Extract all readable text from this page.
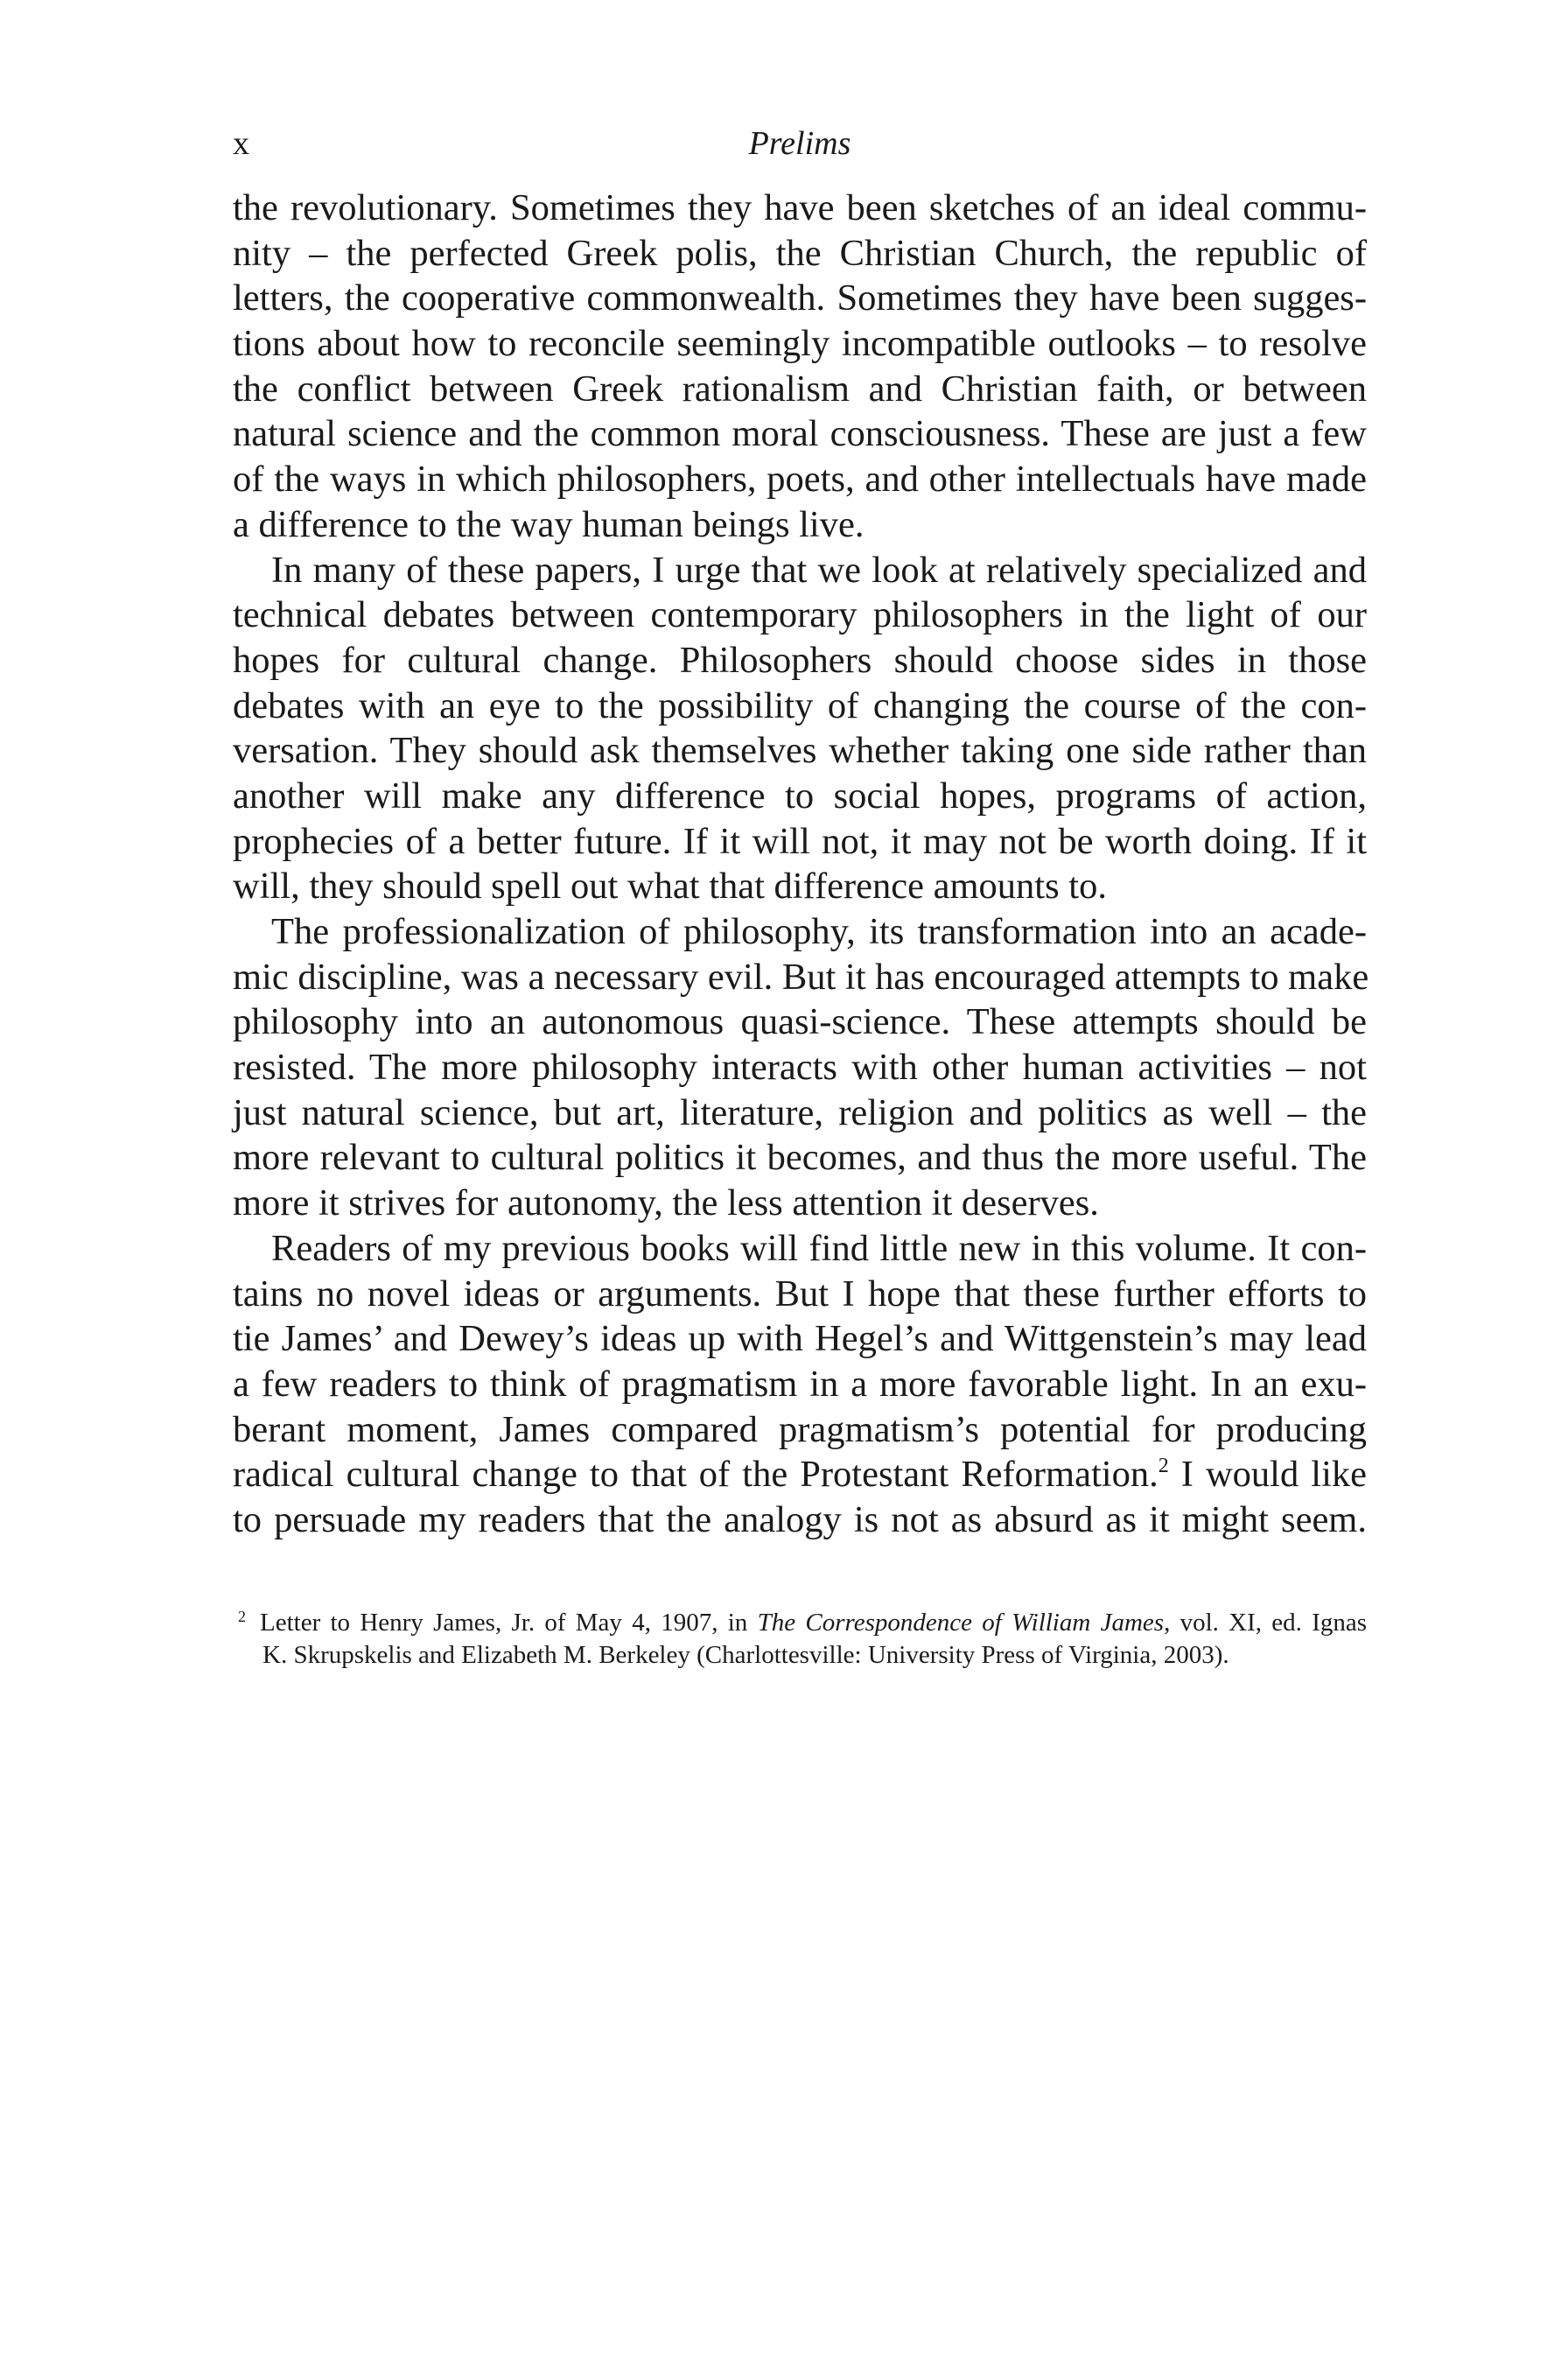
x	Prelims
the revolutionary. Sometimes they have been sketches of an ideal commu-
nity – the perfected Greek polis, the Christian Church, the republic of
letters, the cooperative commonwealth. Sometimes they have been sugges-
tions about how to reconcile seemingly incompatible outlooks – to resolve
the conflict between Greek rationalism and Christian faith, or between
natural science and the common moral consciousness. These are just a few
of the ways in which philosophers, poets, and other intellectuals have made
a difference to the way human beings live.
In many of these papers, I urge that we look at relatively specialized and
technical debates between contemporary philosophers in the light of our
hopes for cultural change. Philosophers should choose sides in those
debates with an eye to the possibility of changing the course of the con-
versation. They should ask themselves whether taking one side rather than
another will make any difference to social hopes, programs of action,
prophecies of a better future. If it will not, it may not be worth doing. If it
will, they should spell out what that difference amounts to.
The professionalization of philosophy, its transformation into an acade-
mic discipline, was a necessary evil. But it has encouraged attempts to make
philosophy into an autonomous quasi-science. These attempts should be
resisted. The more philosophy interacts with other human activities – not
just natural science, but art, literature, religion and politics as well – the
more relevant to cultural politics it becomes, and thus the more useful. The
more it strives for autonomy, the less attention it deserves.
Readers of my previous books will find little new in this volume. It con-
tains no novel ideas or arguments. But I hope that these further efforts to
tie James’ and Dewey’s ideas up with Hegel’s and Wittgenstein’s may lead
a few readers to think of pragmatism in a more favorable light. In an exu-
berant moment, James compared pragmatism’s potential for producing
radical cultural change to that of the Protestant Reformation.$^2$ I would like
to persuade my readers that the analogy is not as absurd as it might seem.
$^2$ Letter to Henry James, Jr. of May 4, 1907, in The Correspondence of William James, vol. XI, ed. Ignas
K. Skrupskelis and Elizabeth M. Berkeley (Charlottesville: University Press of Virginia, 2003).
